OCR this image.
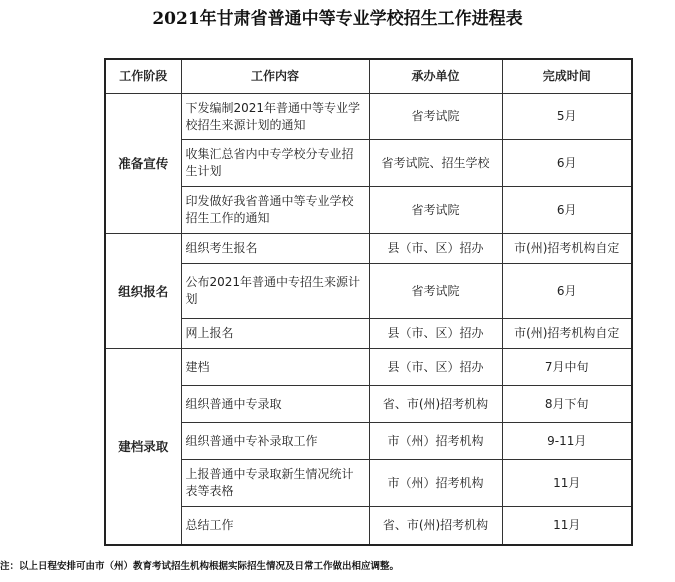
2021年甘肃省普通中等专业学校招生工作进程表
工作阶段	工作内容	承办单位	完成时间
准备宣传	下发编制2021年普通中等专业学校招生来源计划的通知	省考试院	5月
	收集汇总省内中专学校分专业招生计划	省考试院、招生学校	6月
	印发做好我省普通中等专业学校招生工作的通知	省考试院	6月
组织报名	组织考生报名	县（市、区）招办	市(州)招考机构自定
	公布2021年普通中专招生来源计划	省考试院	6月
	网上报名	县（市、区）招办	市(州)招考机构自定
建档录取	建档	县（市、区）招办	7月中旬
	组织普通中专录取	省、市(州)招考机构	8月下旬
	组织普通中专补录取工作	市（州）招考机构	9-11月
	上报普通中专录取新生情况统计表等表格	市（州）招考机构	11月
	总结工作	省、市(州)招考机构	11月
注：以上日程安排可由市（州）教育考试招生机构根据实际招生情况及日常工作做出相应调整。
